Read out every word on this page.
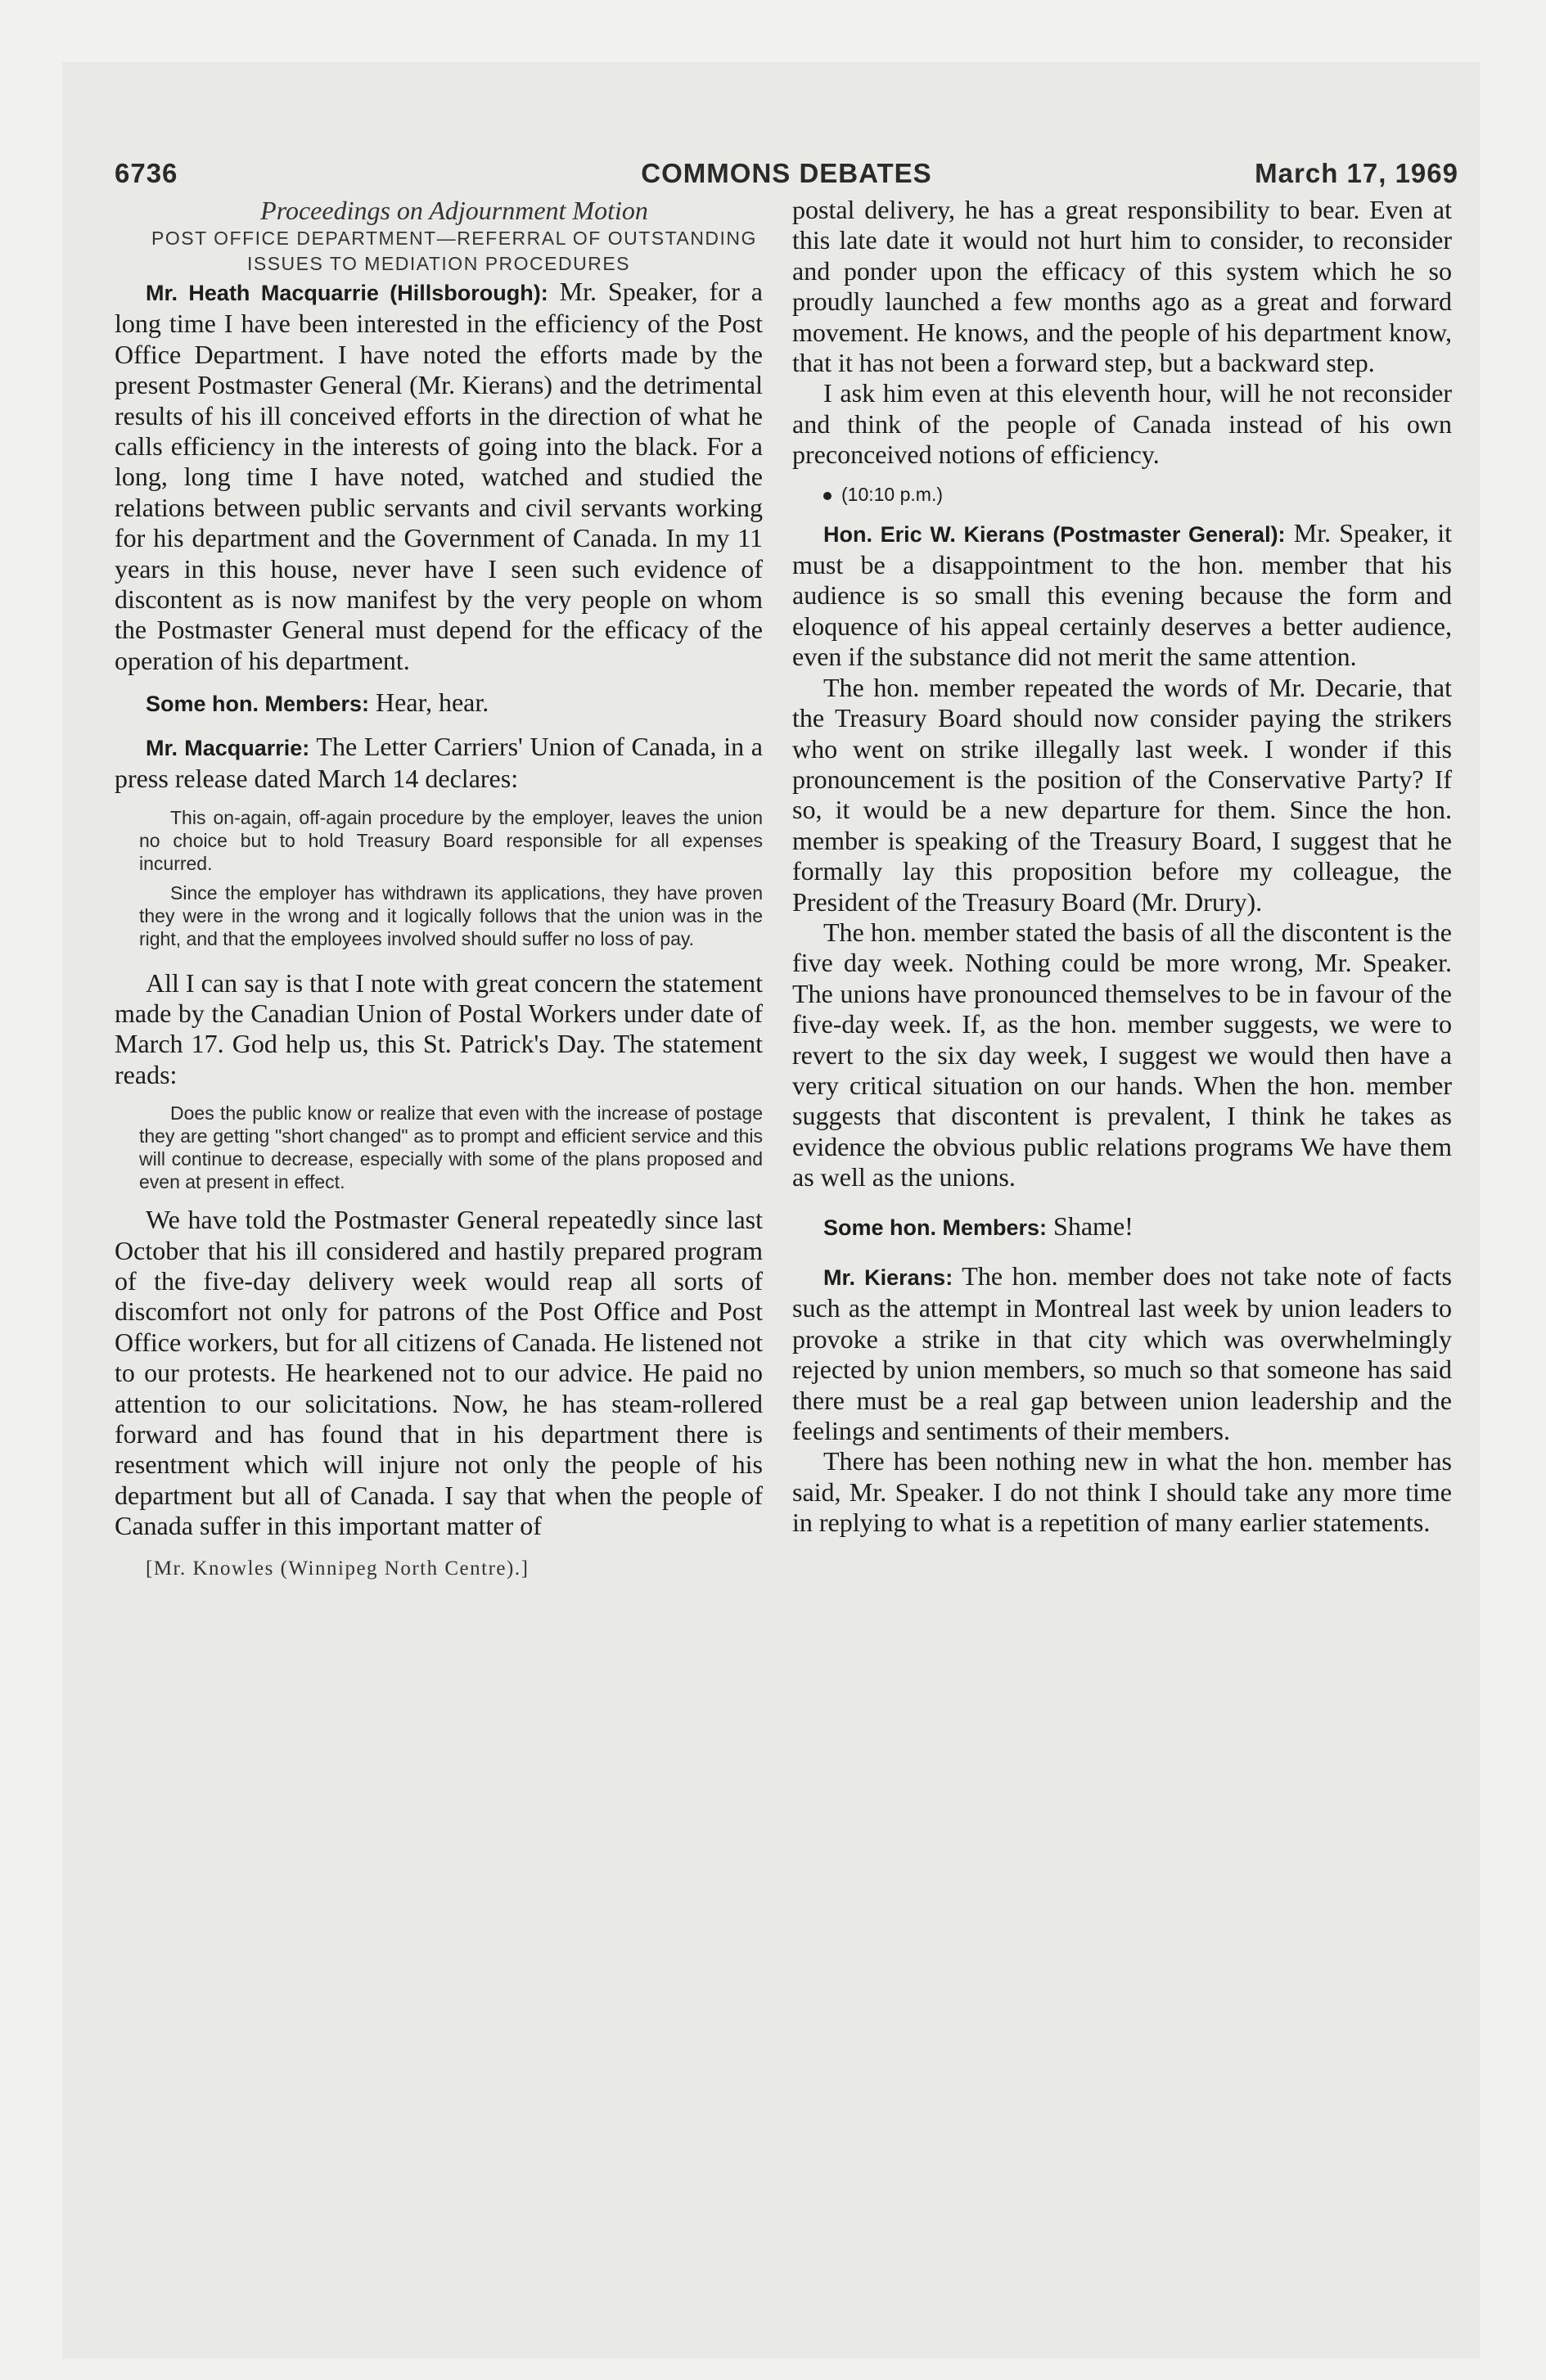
6736	COMMONS DEBATES	March 17, 1969

Proceedings on Adjournment Motion

POST OFFICE DEPARTMENT—REFERRAL OF OUTSTANDING ISSUES TO MEDIATION PROCEDURES

Mr. Heath Macquarrie (Hillsborough): Mr. Speaker, for a long time I have been interested in the efficiency of the Post Office Department. I have noted the efforts made by the present Postmaster General (Mr. Kierans) and the detrimental results of his ill conceived efforts in the direction of what he calls efficiency in the interests of going into the black. For a long, long time I have noted, watched and studied the relations between public servants and civil servants working for his department and the Government of Canada. In my 11 years in this house, never have I seen such evidence of discontent as is now manifest by the very people on whom the Postmaster General must depend for the efficacy of the operation of his department.

Some hon. Members: Hear, hear.

Mr. Macquarrie: The Letter Carriers' Union of Canada, in a press release dated March 14 declares:

This on-again, off-again procedure by the employer, leaves the union no choice but to hold Treasury Board responsible for all expenses incurred.

Since the employer has withdrawn its applications, they have proven they were in the wrong and it logically follows that the union was in the right, and that the employees involved should suffer no loss of pay.

All I can say is that I note with great concern the statement made by the Canadian Union of Postal Workers under date of March 17. God help us, this St. Patrick's Day. The statement reads:

Does the public know or realize that even with the increase of postage they are getting "short changed" as to prompt and efficient service and this will continue to decrease, especially with some of the plans proposed and even at present in effect.

We have told the Postmaster General repeatedly since last October that his ill considered and hastily prepared program of the five-day delivery week would reap all sorts of discomfort not only for patrons of the Post Office and Post Office workers, but for all citizens of Canada. He listened not to our protests. He hearkened not to our advice. He paid no attention to our solicitations. Now, he has steam-rollered forward and has found that in his department there is resentment which will injure not only the people of his department but all of Canada. I say that when the people of Canada suffer in this important matter of

[Mr. Knowles (Winnipeg North Centre).]

postal delivery, he has a great responsibility to bear. Even at this late date it would not hurt him to consider, to reconsider and ponder upon the efficacy of this system which he so proudly launched a few months ago as a great and forward movement. He knows, and the people of his department know, that it has not been a forward step, but a backward step.

I ask him even at this eleventh hour, will he not reconsider and think of the people of Canada instead of his own preconceived notions of efficiency.

(10:10 p.m.)

Hon. Eric W. Kierans (Postmaster General): Mr. Speaker, it must be a disappointment to the hon. member that his audience is so small this evening because the form and eloquence of his appeal certainly deserves a better audience, even if the substance did not merit the same attention.

The hon. member repeated the words of Mr. Decarie, that the Treasury Board should now consider paying the strikers who went on strike illegally last week. I wonder if this pronouncement is the position of the Conservative Party? If so, it would be a new departure for them. Since the hon. member is speaking of the Treasury Board, I suggest that he formally lay this proposition before my colleague, the President of the Treasury Board (Mr. Drury).

The hon. member stated the basis of all the discontent is the five day week. Nothing could be more wrong, Mr. Speaker. The unions have pronounced themselves to be in favour of the five-day week. If, as the hon. member suggests, we were to revert to the six day week, I suggest we would then have a very critical situation on our hands. When the hon. member suggests that discontent is prevalent, I think he takes as evidence the obvious public relations programs We have them as well as the unions.

Some hon. Members: Shame!

Mr. Kierans: The hon. member does not take note of facts such as the attempt in Montreal last week by union leaders to provoke a strike in that city which was overwhelmingly rejected by union members, so much so that someone has said there must be a real gap between union leadership and the feelings and sentiments of their members.

There has been nothing new in what the hon. member has said, Mr. Speaker. I do not think I should take any more time in replying to what is a repetition of many earlier statements.
